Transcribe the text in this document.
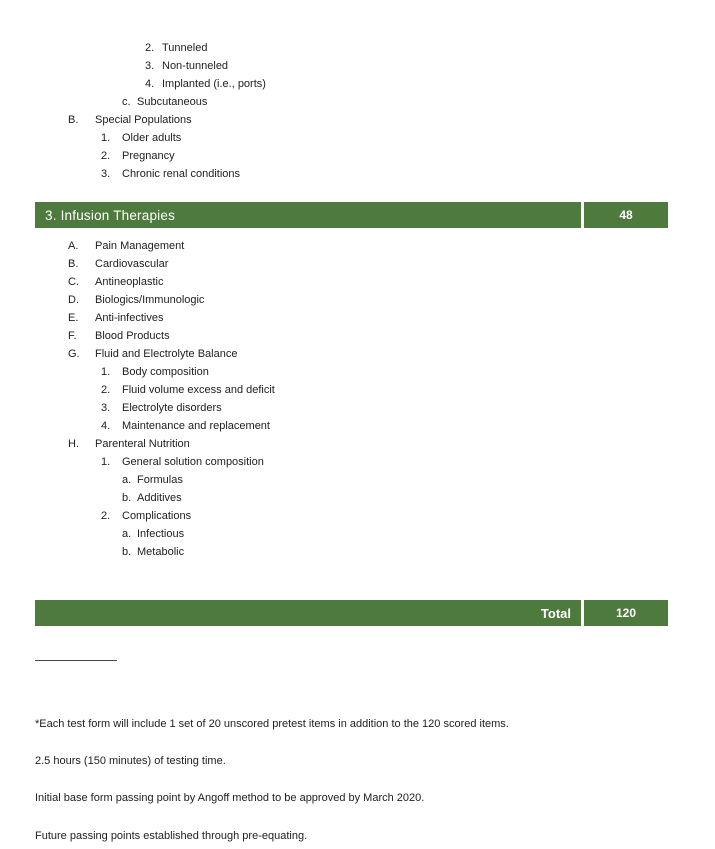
2. Tunneled
3. Non-tunneled
4. Implanted (i.e., ports)
c. Subcutaneous
B.	Special Populations
1.	Older adults
2.	Pregnancy
3.	Chronic renal conditions
3. Infusion Therapies	48
A.	Pain Management
B.	Cardiovascular
C.	Antineoplastic
D.	Biologics/Immunologic
E.	Anti-infectives
F.	Blood Products
G.	Fluid and Electrolyte Balance
1.	Body composition
2.	Fluid volume excess and deficit
3.	Electrolyte disorders
4.	Maintenance and replacement
H.	Parenteral Nutrition
1.	General solution composition
a. Formulas
b. Additives
2.	Complications
a. Infectious
b. Metabolic
Total	120

*Each test form will include 1 set of 20 unscored pretest items in addition to the 120 scored items.

2.5 hours (150 minutes) of testing time.

Initial base form passing point by Angoff method to be approved by March 2020.

Future passing points established through pre-equating.
